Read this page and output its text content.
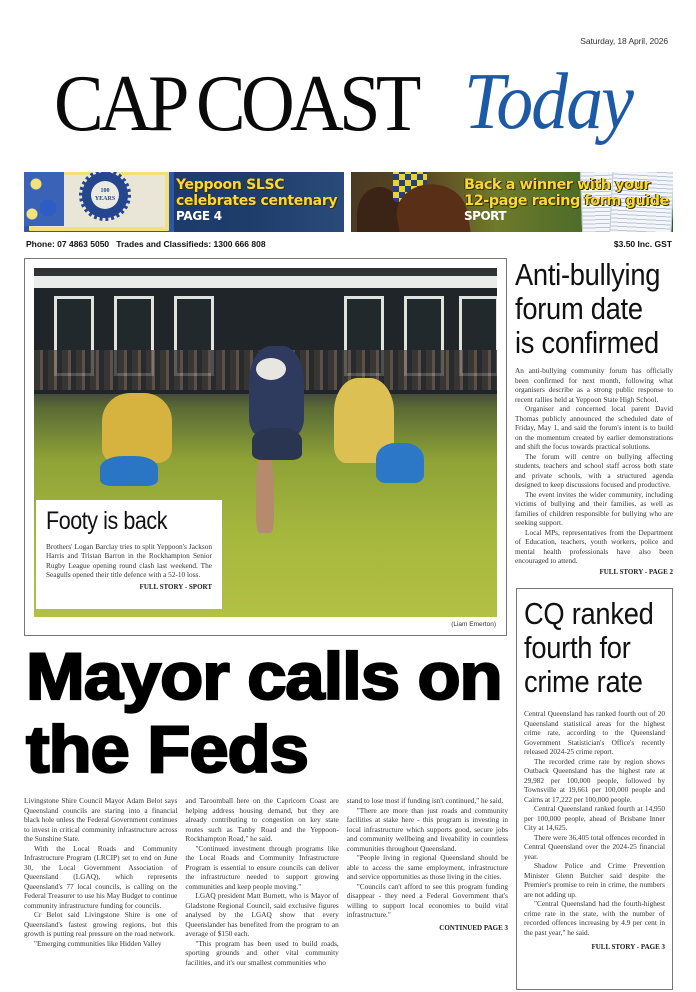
Saturday, 18 April, 2026
CAP COAST Today
100 YEARS
Yeppoon SLSC
celebrates centenary
PAGE 4
Back a winner with your
12-page racing form guide
SPORT
Phone: 07 4863 5050   Trades and Classifieds: 1300 666 808	$3.50 Inc. GST
(Liam Emerton)
Footy is back
Brothers' Logan Barclay tries to split Yeppoon's Jackson Harris and Tristan Barron in the Rockhampton Senior Rugby League opening round clash last weekend. The Seagulls opened their title defence with a 52-10 loss.
FULL STORY - SPORT
Mayor calls on the Feds

Livingstone Shire Council Mayor Adam Belot says Queensland councils are staring into a financial black hole unless the Federal Government continues to invest in critical community infrastructure across the Sunshine State.

With the Local Roads and Community Infrastructure Program (LRCIP) set to end on June 30, the Local Government Association of Queensland (LGAQ), which represents Queensland's 77 local councils, is calling on the Federal Treasurer to use his May Budget to continue community infrastructure funding for councils.

Cr Belot said Livingstone Shire is one of Queensland's fastest growing regions, but this growth is putting real pressure on the road network.

"Emerging communities like Hidden Valley

and Taroomball here on the Capricorn Coast are helping address housing demand, but they are already contributing to congestion on key state routes such as Tanby Road and the Yeppoon-Rockhampton Road," he said.

"Continued investment through programs like the Local Roads and Community Infrastructure Program is essential to ensure councils can deliver the infrastructure needed to support growing communities and keep people moving."

LGAQ president Matt Burnett, who is Mayor of Gladstone Regional Council, said exclusive figures analysed by the LGAQ show that every Queenslander has benefited from the program to an average of $150 each.

"This program has been used to build roads, sporting grounds and other vital community facilities, and it's our smallest communities who

stand to lose most if funding isn't continued," he said.

"There are more than just roads and community facilities at stake here - this program is investing in local infrastructure which supports good, secure jobs and community wellbeing and liveability in countless communities throughout Queensland.

"People living in regional Queensland should be able to access the same employment, infrastructure and service opportunities as those living in the cities.

"Councils can't afford to see this program funding disappear - they need a Federal Government that's willing to support local economies to build vital infrastructure."

CONTINUED PAGE 3
Anti-bullying
forum date
is confirmed

An anti-bullying community forum has officially been confirmed for next month, following what organisers describe as a strong public response to recent rallies held at Yeppoon State High School.

Organiser and concerned local parent David Thomas publicly announced the scheduled date of Friday, May 1, and said the forum's intent is to build on the momentum created by earlier demonstrations and shift the focus towards practical solutions.

The forum will centre on bullying affecting students, teachers and school staff across both state and private schools, with a structured agenda designed to keep discussions focused and productive.

The event invites the wider community, including victims of bullying and their families, as well as families of children responsible for bullying who are seeking support.

Local MPs, representatives from the Department of Education, teachers, youth workers, police and mental health professionals have also been encouraged to attend.

FULL STORY - PAGE 2
CQ ranked
fourth for
crime rate

Central Queensland has ranked fourth out of 20 Queensland statistical areas for the highest crime rate, according to the Queensland Government Statistician's Office's recently released 2024-25 crime report.

The recorded crime rate by region shows Outback Queensland has the highest rate at 29,982 per 100,000 people, followed by Townsville at 19,661 per 100,000 people and Cairns at 17,222 per 100,000 people.

Central Queensland ranked fourth at 14,950 per 100,000 people, ahead of Brisbane Inner City at 14,625.

There were 36,405 total offences recorded in Central Queensland over the 2024-25 financial year.

Shadow Police and Crime Prevention Minister Glenn Butcher said despite the Premier's promise to rein in crime, the numbers are not adding up.

"Central Queensland had the fourth-highest crime rate in the state, with the number of recorded offences increasing by 4.9 per cent in the past year," he said.

FULL STORY - PAGE 3
